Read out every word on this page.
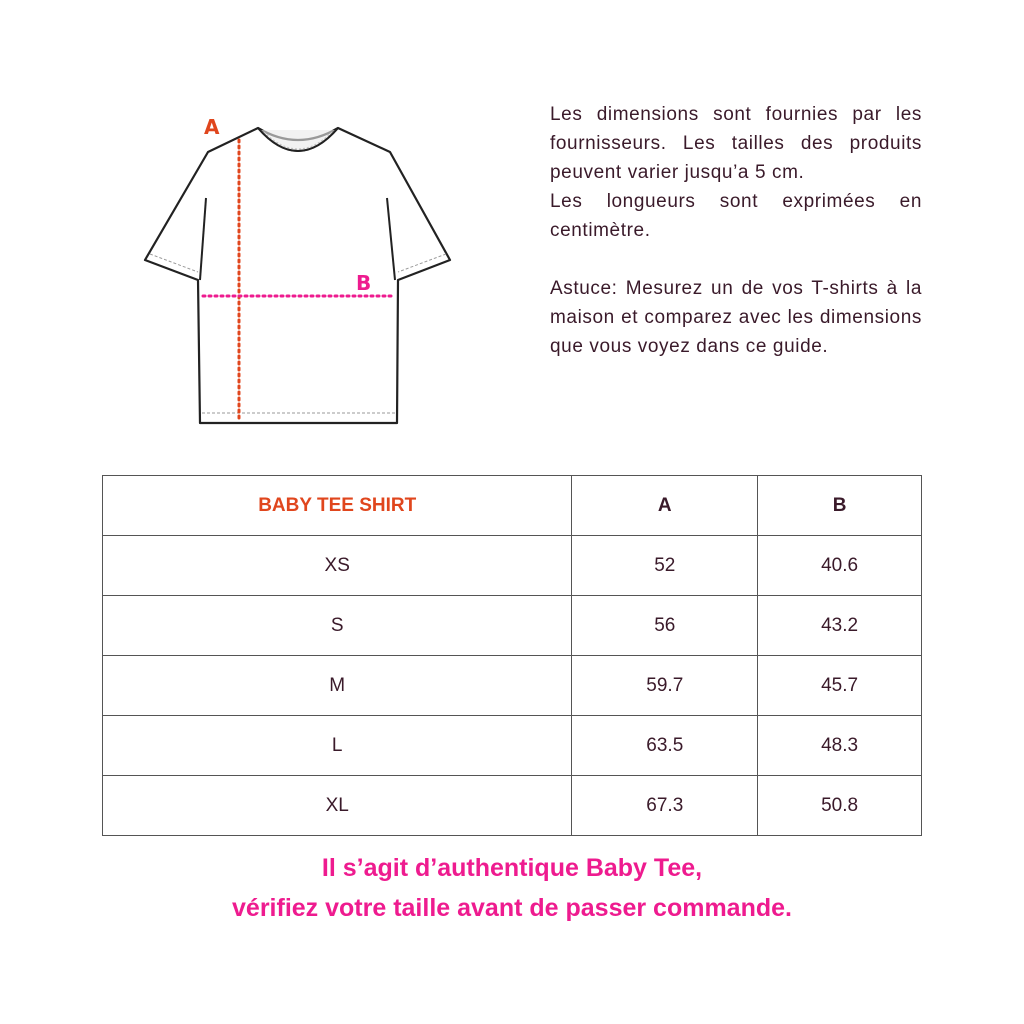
A
B

Les dimensions sont fournies par les fournisseurs. Les tailles des produits peuvent varier jusqu’a 5 cm.

Les longueurs sont exprimées en centimètre.

Astuce: Mesurez un de vos T-shirts à la maison et comparez avec les dimensions que vous voyez dans ce guide.

BABY TEE SHIRT	A	B
XS	52	40.6
S	56	43.2
M	59.7	45.7
L	63.5	48.3
XL	67.3	50.8

Il s’agit d’authentique Baby Tee,

vérifiez votre taille avant de passer commande.
